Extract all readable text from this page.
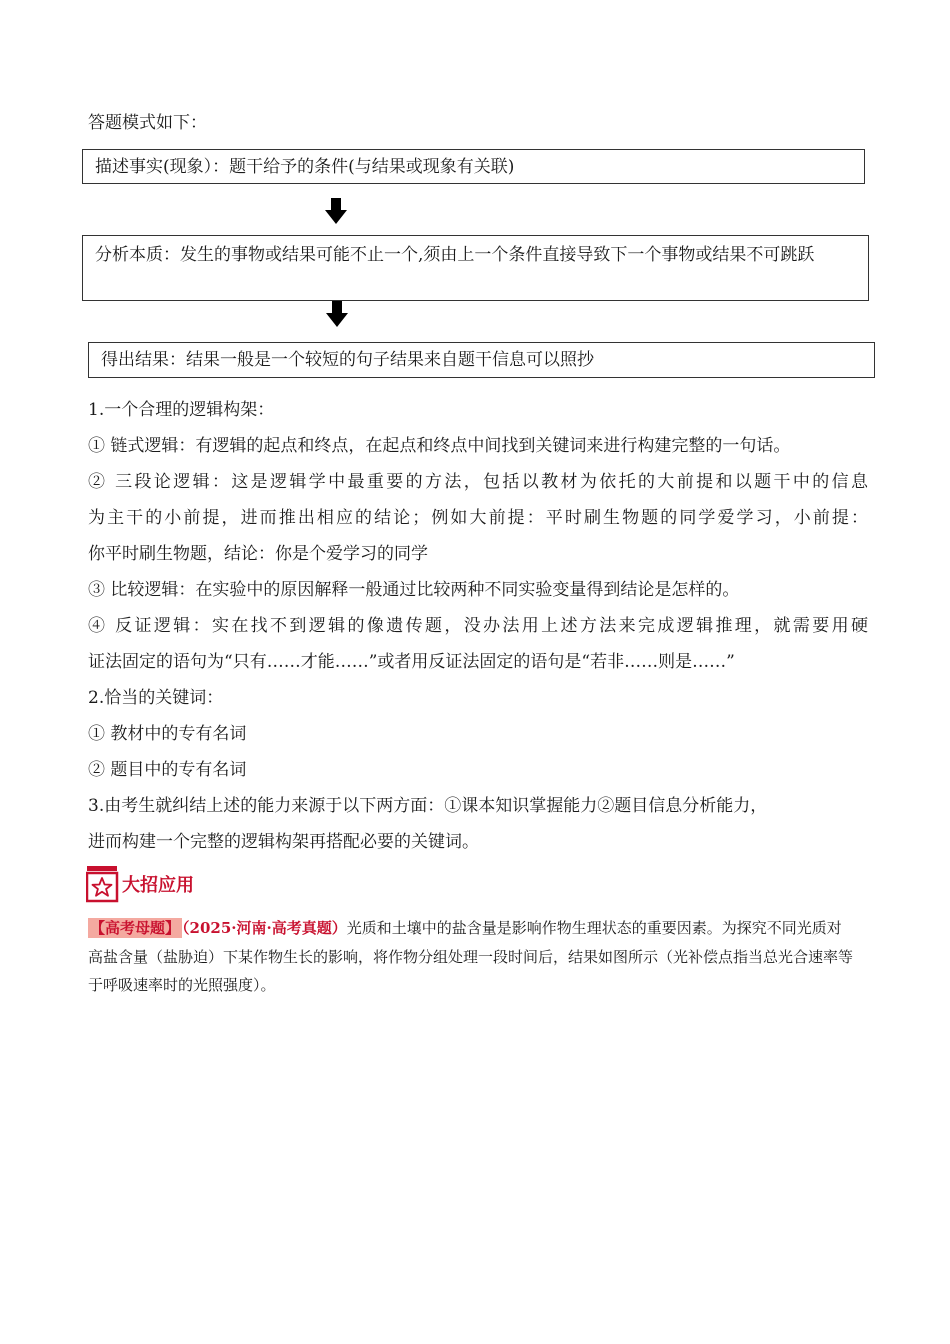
答题模式如下：
描述事实(现象）：题干给予的条件(与结果或现象有关联)
分析本质： 发生的事物或结果可能不止一个,须由上一个条件直接导致下一个事物或结果不可跳跃
得出结果：结果一般是一个较短的句子结果来自题干信息可以照抄
1.一个合理的逻辑构架：
① 链式逻辑：有逻辑的起点和终点，在起点和终点中间找到关键词来进行构建完整的一句话。
② 三段论逻辑：这是逻辑学中最重要的方法，包括以教材为依托的大前提和以题干中的信息
为主干的小前提，进而推出相应的结论；例如大前提：平时刷生物题的同学爱学习，小前提：
你平时刷生物题，结论：你是个爱学习的同学
③ 比较逻辑：在实验中的原因解释一般通过比较两种不同实验变量得到结论是怎样的。
④ 反证逻辑：实在找不到逻辑的像遗传题，没办法用上述方法来完成逻辑推理，就需要用硬
证法固定的语句为“只有……才能……”或者用反证法固定的语句是“若非……则是……”
2.恰当的关键词：
① 教材中的专有名词
② 题目中的专有名词
3.由考生就纠结上述的能力来源于以下两方面：①课本知识掌握能力②题目信息分析能力，
进而构建一个完整的逻辑构架再搭配必要的关键词。
大招应用
【高考母题】 （2025·河南·高考真题）光质和土壤中的盐含量是影响作物生理状态的重要因素。为探究不同光质对高盐含量（盐胁迫）下某作物生长的影响，将作物分组处理一段时间后，结果如图所示（光补偿点指当总光合速率等于呼吸速率时的光照强度）。
